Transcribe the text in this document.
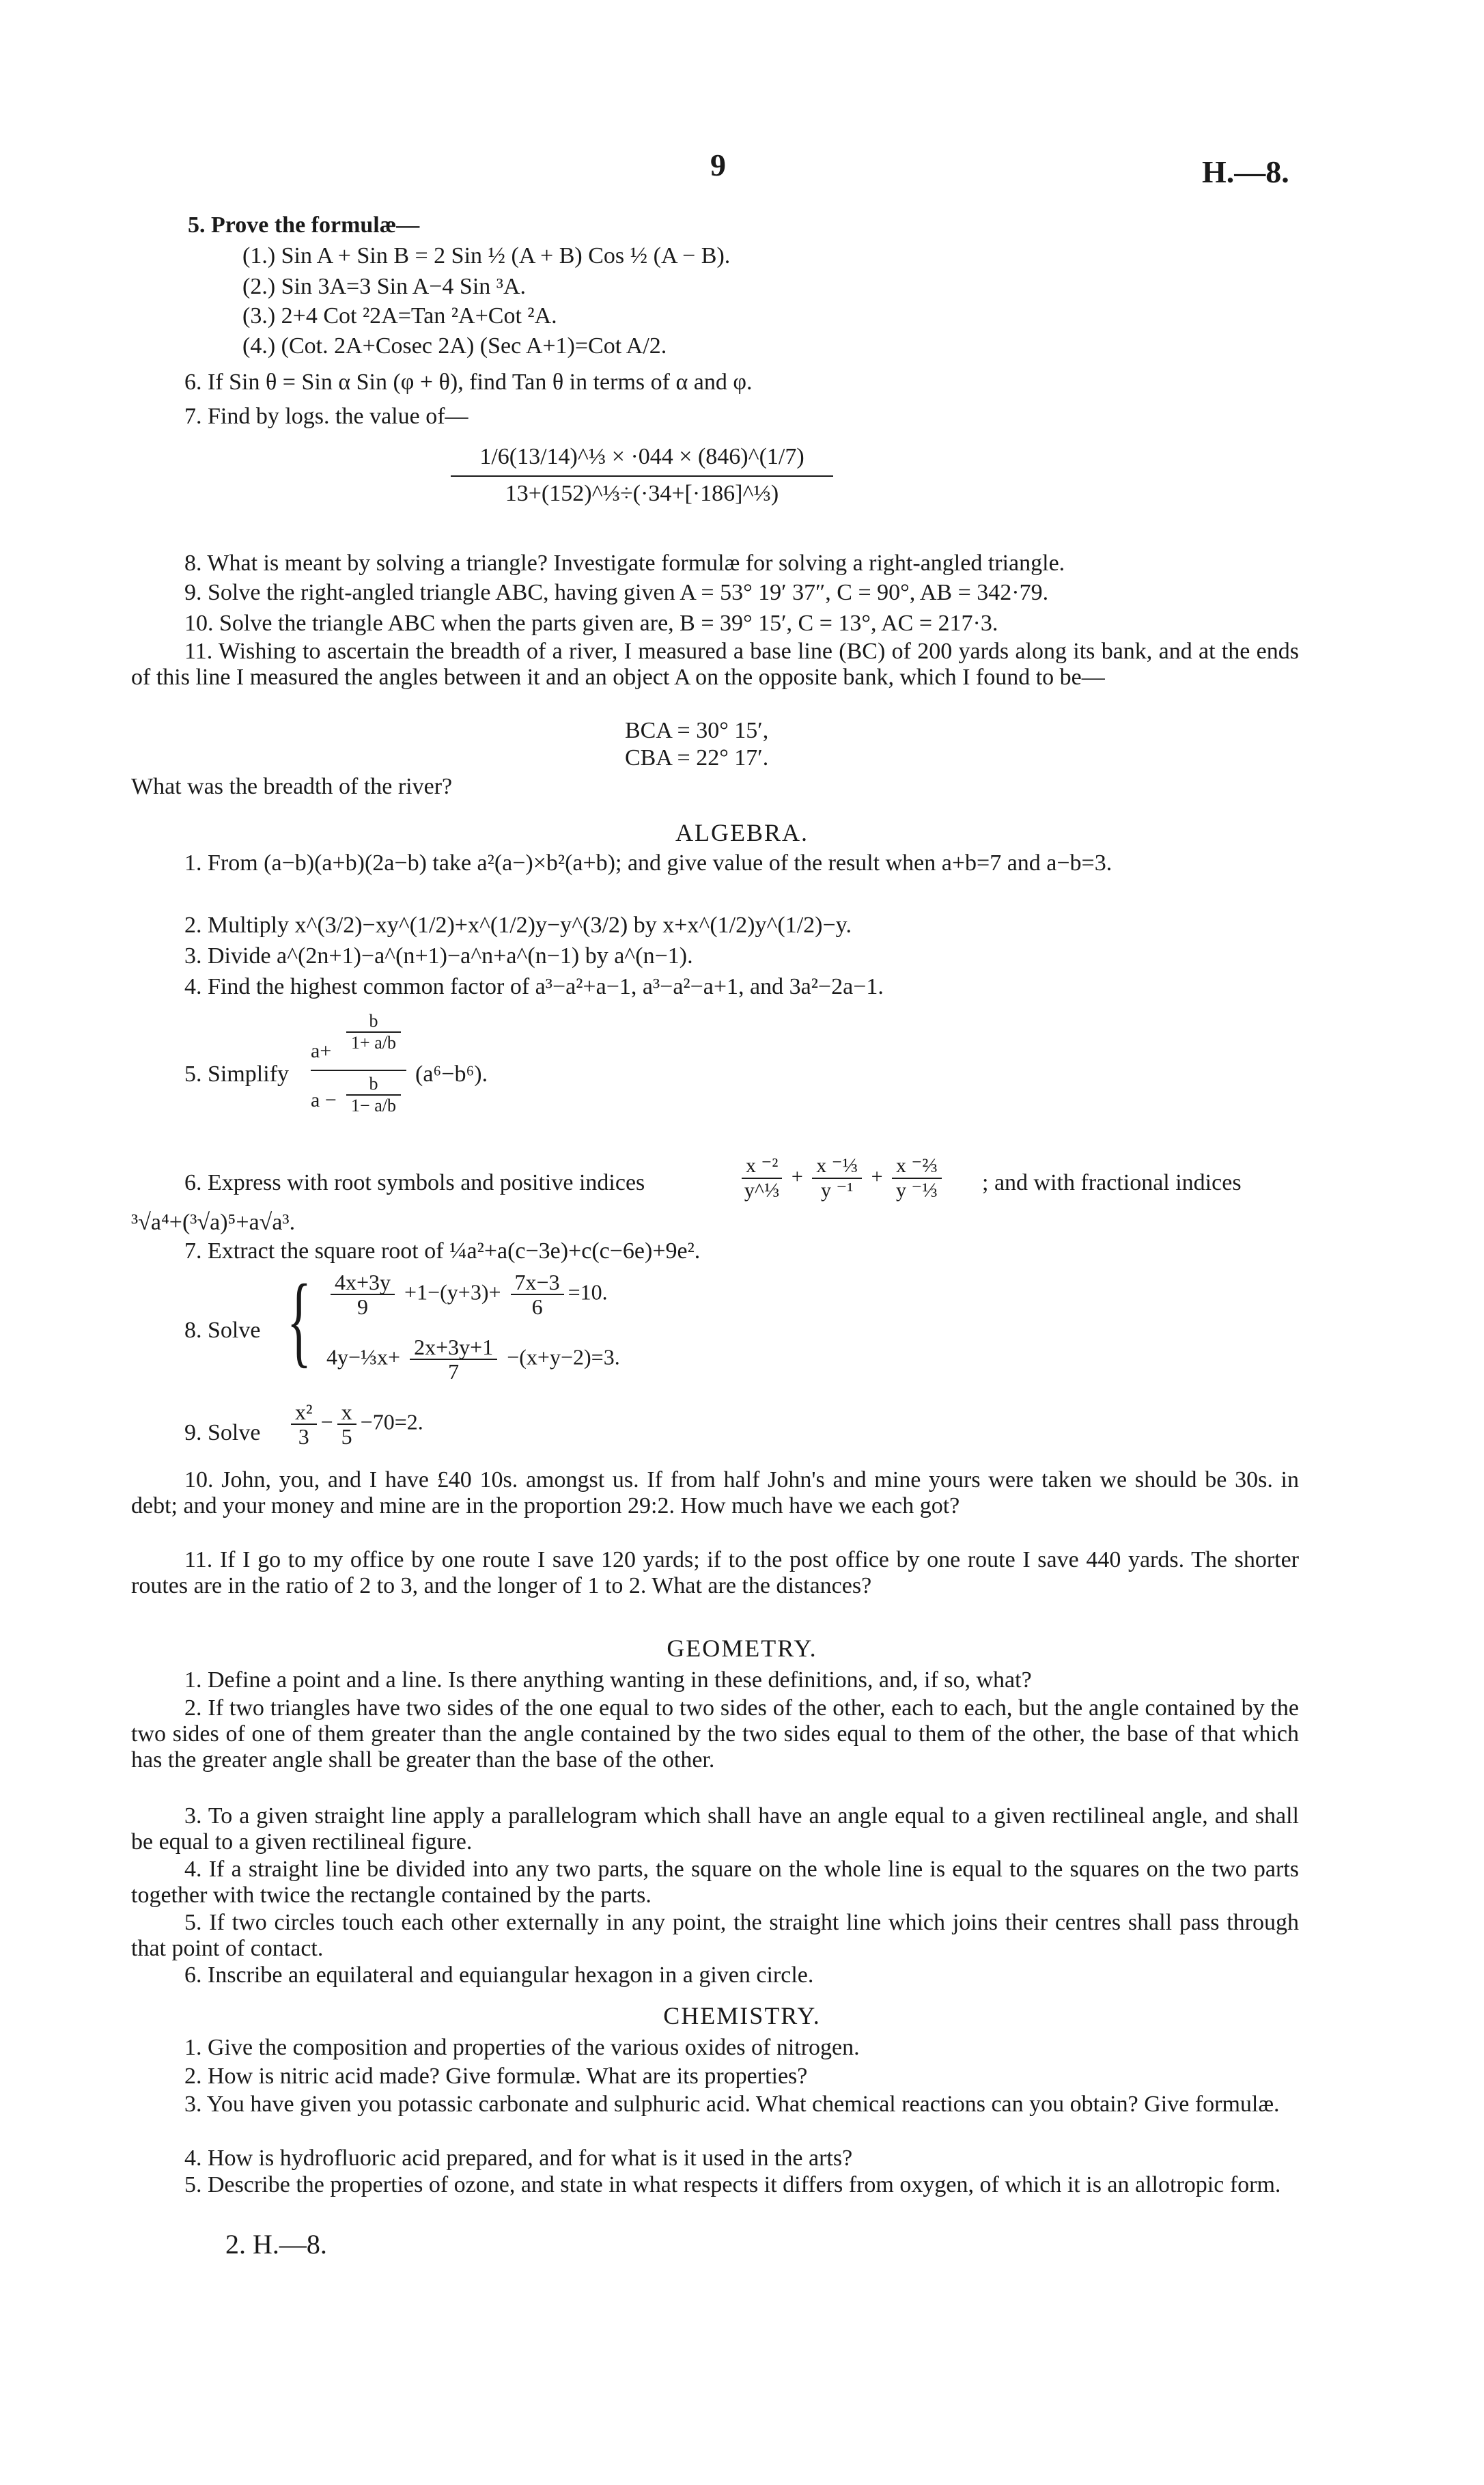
9	H.—8.
5. Prove the formulæ—
(1.) Sin A + Sin B = 2 Sin ½ (A + B) Cos ½ (A − B).
(2.) Sin 3A=3 Sin A−4 Sin ³A.
(3.) 2+4 Cot ²2A=Tan ²A+Cot ²A.
(4.) (Cot. 2A+Cosec 2A) (Sec A+1)=Cot A/2.
6. If Sin θ = Sin α Sin (φ + θ), find Tan θ in terms of α and φ.
7. Find by logs. the value of—
1/6(13/14)^⅓ × ·044 × (846)^(1/7)
13+(152)^⅓÷(·34+[·186]^⅓)
8. What is meant by solving a triangle? Investigate formulæ for solving a right-angled triangle.
9. Solve the right-angled triangle ABC, having given A = 53° 19′ 37″, C = 90°, AB = 342·79.
10. Solve the triangle ABC when the parts given are, B = 39° 15′, C = 13°, AC = 217·3.
11. Wishing to ascertain the breadth of a river, I measured a base line (BC) of 200 yards along its bank, and at the ends of this line I measured the angles between it and an object A on the opposite bank, which I found to be—
BCA = 30° 15′,
CBA = 22° 17′.
What was the breadth of the river?
ALGEBRA.
1. From (a−b)(a+b)(2a−b) take a²(a−)×b²(a+b); and give value of the result when a+b=7 and a−b=3.
2. Multiply x^(3/2)−xy^(1/2)+x^(1/2)y−y^(3/2) by x+x^(1/2)y^(1/2)−y.
3. Divide a^(2n+1)−a^(n+1)−a^n+a^(n−1) by a^(n−1).
4. Find the highest common factor of a³−a²+a−1, a³−a²−a+1, and 3a²−2a−1.
5. Simplify
a+
b
1+ a/b
a −
b
1− a/b
(a⁶−b⁶).
6. Express with root symbols and positive indices	$\frac{\text{x ⁻²}}{\text{y\textasciicircum{}⅓}} + \frac{\text{x ⁻⅓}}{\text{y ⁻¹}} + \frac{\text{x ⁻⅔}}{\text{y ⁻⅓}}$ ; and with fractional indices
³√a⁴+(³√a)⁵+a√a³.
7. Extract the square root of ¼a²+a(c−3e)+c(c−6e)+9e².
8. Solve { $\frac{4x+3y}{9} +1-(y+3)+ \frac{7x-3}{6} =10$.
4y−⅓x+ $\frac{2x+3y+1}{7} -(x+y-2)=3$.
9. Solve $\frac{\text{x²}}{3} - \frac{x}{5} -70=2$.
10. John, you, and I have £40 10s. amongst us. If from half John's and mine yours were taken we should be 30s. in debt; and your money and mine are in the proportion 29:2. How much have we each got?
11. If I go to my office by one route I save 120 yards; if to the post office by one route I save 440 yards. The shorter routes are in the ratio of 2 to 3, and the longer of 1 to 2. What are the distances?
GEOMETRY.
1. Define a point and a line. Is there anything wanting in these definitions, and, if so, what?
2. If two triangles have two sides of the one equal to two sides of the other, each to each, but the angle contained by the two sides of one of them greater than the angle contained by the two sides equal to them of the other, the base of that which has the greater angle shall be greater than the base of the other.
3. To a given straight line apply a parallelogram which shall have an angle equal to a given rectilineal angle, and shall be equal to a given rectilineal figure.
4. If a straight line be divided into any two parts, the square on the whole line is equal to the squares on the two parts together with twice the rectangle contained by the parts.
5. If two circles touch each other externally in any point, the straight line which joins their centres shall pass through that point of contact.
6. Inscribe an equilateral and equiangular hexagon in a given circle.
CHEMISTRY.
1. Give the composition and properties of the various oxides of nitrogen.
2. How is nitric acid made? Give formulæ. What are its properties?
3. You have given you potassic carbonate and sulphuric acid. What chemical reactions can you obtain? Give formulæ.
4. How is hydrofluoric acid prepared, and for what is it used in the arts?
5. Describe the properties of ozone, and state in what respects it differs from oxygen, of which it is an allotropic form.
2. H.—8.
